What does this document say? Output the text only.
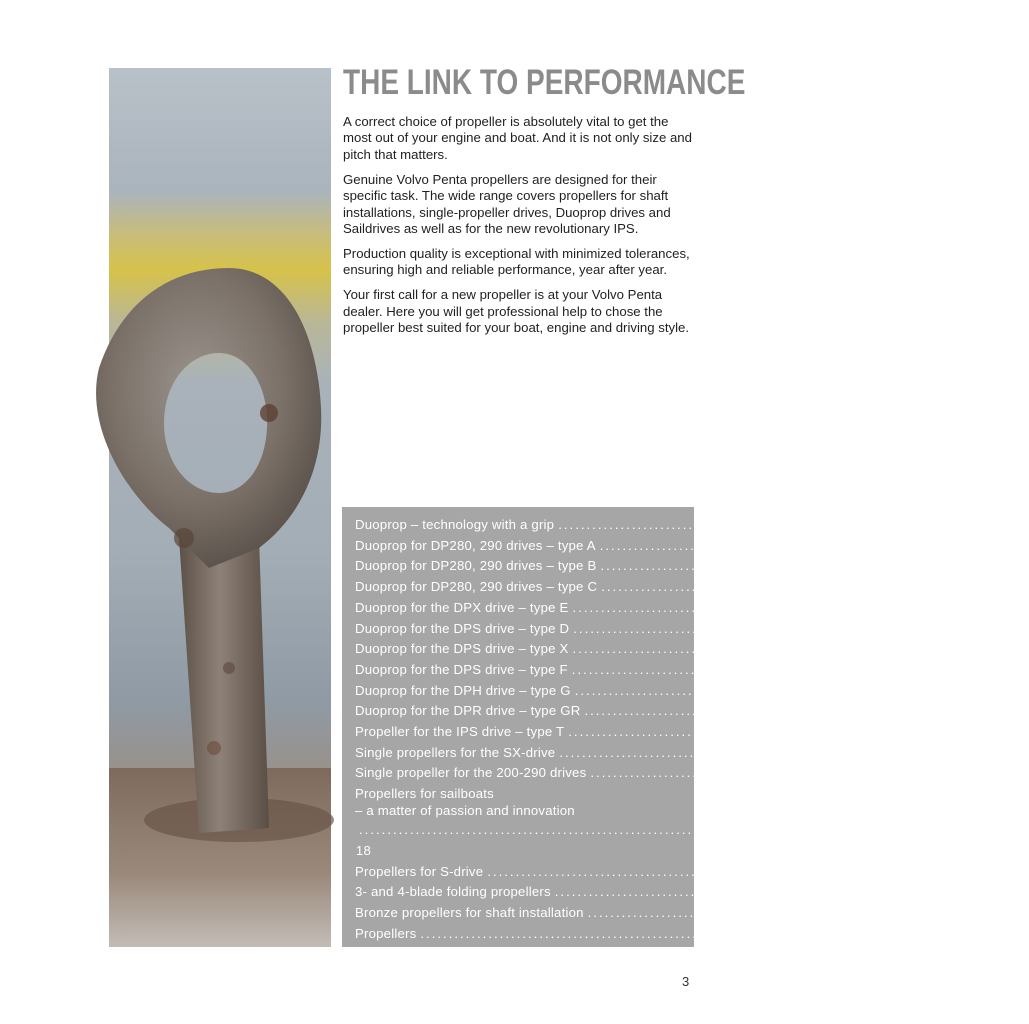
THE LINK TO PERFORMANCE

A correct choice of propeller is absolutely vital to get the most out of your engine and boat. And it is not only size and pitch that matters.

Genuine Volvo Penta propellers are designed for their specific task. The wide range covers propellers for shaft installations, single-propeller drives, Duoprop drives and Saildrives as well as for the new revolutionary IPS.

Production quality is exceptional with minimized tolerances, ensuring high and reliable performance, year after year.

Your first call for a new propeller is at your Volvo Penta dealer. Here you will get professional help to chose the propeller best suited for your boat, engine and driving style.

Duoprop – technology with a grip ........................................................................ 4
Duoprop for DP280, 290 drives – type A ........................................................................ 5
Duoprop for DP280, 290 drives – type B ........................................................................ 6
Duoprop for DP280, 290 drives – type C ........................................................................ 7
Duoprop for the DPX drive – type E ........................................................................ 8
Duoprop for the DPS drive – type D ........................................................................ 9
Duoprop for the DPS drive – type X ........................................................................ 10
Duoprop for the DPS drive – type F ........................................................................ 11
Duoprop for the DPH drive – type G ........................................................................ 12
Duoprop for the DPR drive – type GR ........................................................................ 12
Propeller for the IPS drive – type T ........................................................................ 13
Single propellers for the SX-drive ........................................................................ 14
Single propeller for the 200-290 drives ........................................................................ 16
Propellers for sailboats
– a matter of passion and innovation
........................................................................
18
Propellers for S-drive ........................................................................ 19
3- and 4-blade folding propellers ........................................................................ 20
Bronze propellers for shaft installation ........................................................................ 22
Propellers ........................................................................ 24
3
